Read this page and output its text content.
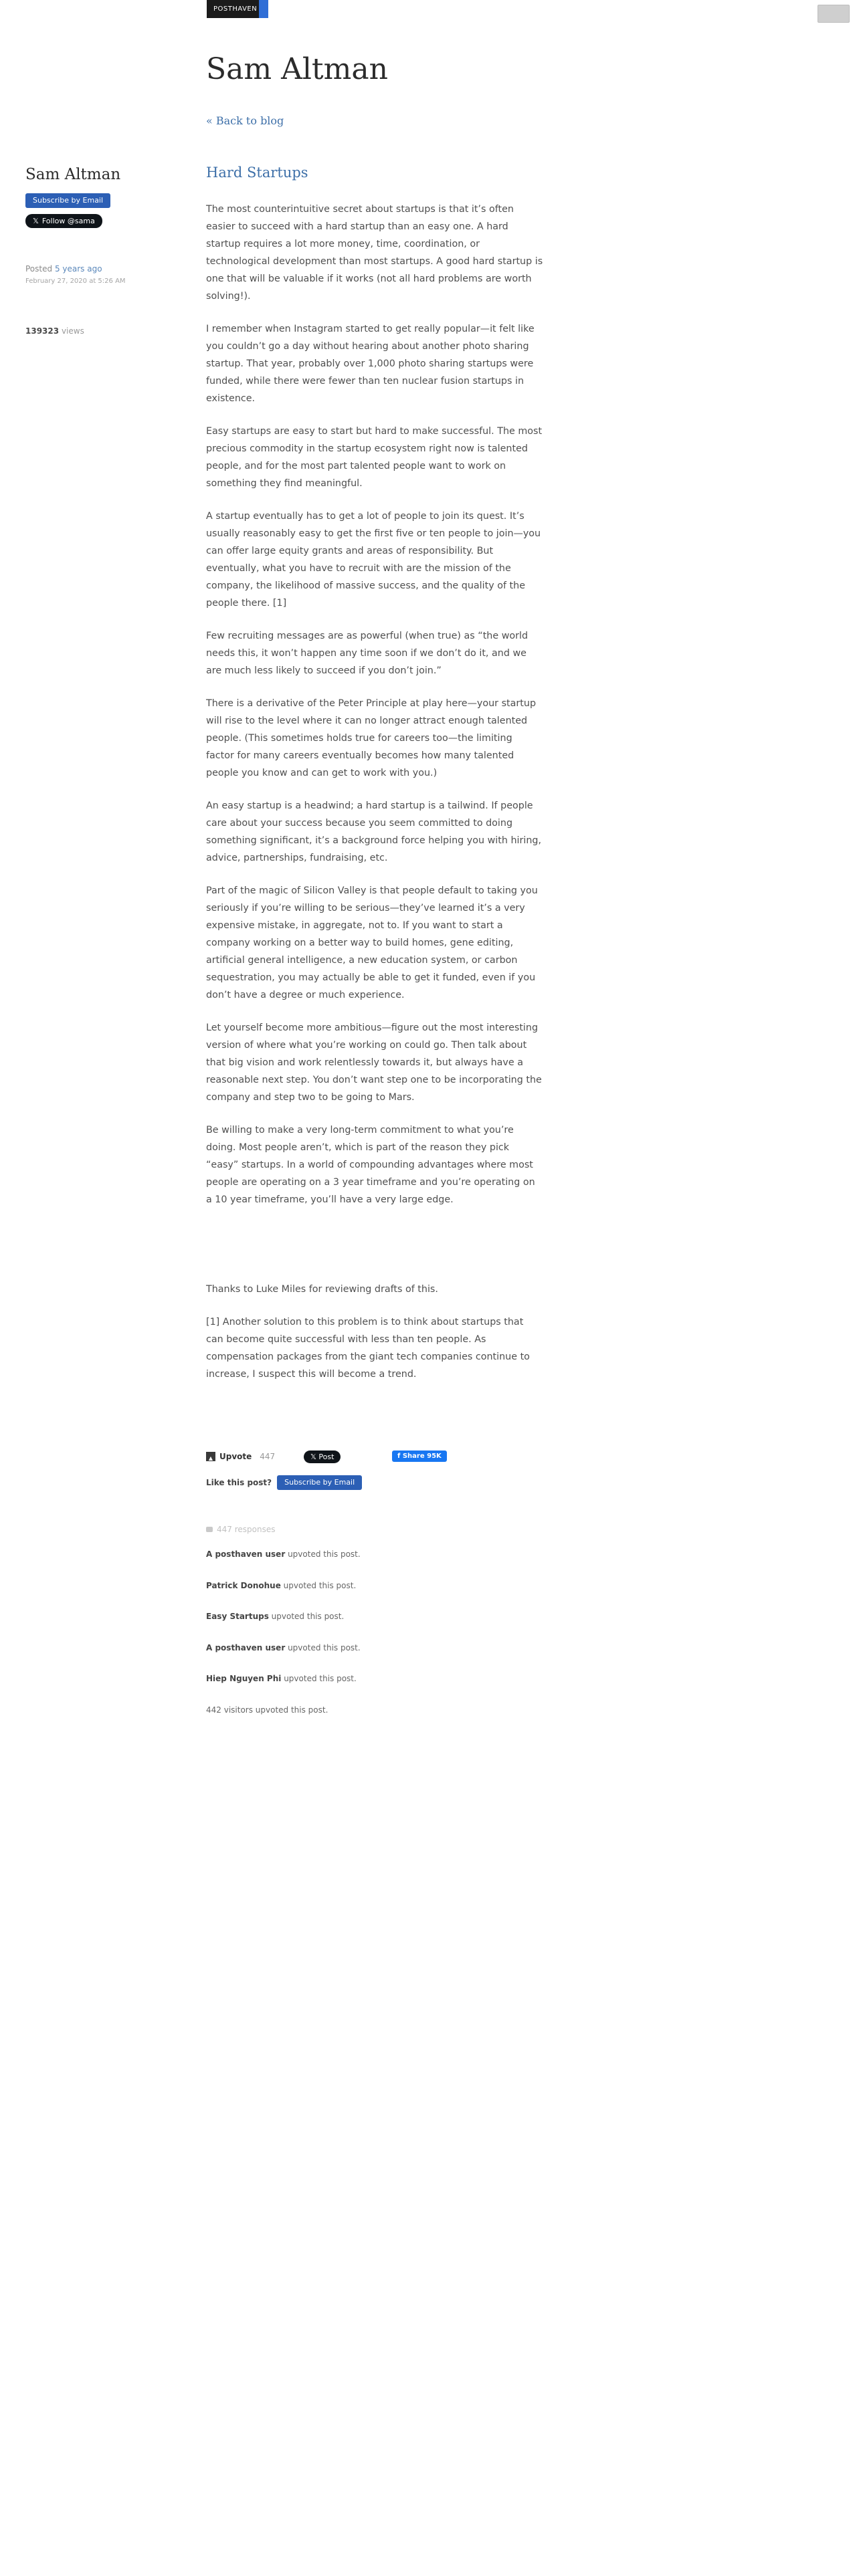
POSTHAVEN
Sam Altman
« Back to blog
Sam Altman
Subscribe by Email
𝕏 Follow @sama
Posted 5 years ago
February 27, 2020 at 5:26 AM
139323 views
Hard Startups

The most counterintuitive secret about startups is that it’s often easier to succeed with a hard startup than an easy one. A hard startup requires a lot more money, time, coordination, or technological development than most startups. A good hard startup is one that will be valuable if it works (not all hard problems are worth solving!).

I remember when Instagram started to get really popular—it felt like you couldn’t go a day without hearing about another photo sharing startup. That year, probably over 1,000 photo sharing startups were funded, while there were fewer than ten nuclear fusion startups in existence.

Easy startups are easy to start but hard to make successful. The most precious commodity in the startup ecosystem right now is talented people, and for the most part talented people want to work on something they find meaningful.

A startup eventually has to get a lot of people to join its quest. It’s usually reasonably easy to get the first five or ten people to join—you can offer large equity grants and areas of responsibility. But eventually, what you have to recruit with are the mission of the company, the likelihood of massive success, and the quality of the people there. [1]

Few recruiting messages are as powerful (when true) as “the world needs this, it won’t happen any time soon if we don’t do it, and we are much less likely to succeed if you don’t join.”

There is a derivative of the Peter Principle at play here—your startup will rise to the level where it can no longer attract enough talented people. (This sometimes holds true for careers too—the limiting factor for many careers eventually becomes how many talented people you know and can get to work with you.)

An easy startup is a headwind; a hard startup is a tailwind. If people care about your success because you seem committed to doing something significant, it’s a background force helping you with hiring, advice, partnerships, fundraising, etc.

Part of the magic of Silicon Valley is that people default to taking you seriously if you’re willing to be serious—they’ve learned it’s a very expensive mistake, in aggregate, not to. If you want to start a company working on a better way to build homes, gene editing, artificial general intelligence, a new education system, or carbon sequestration, you may actually be able to get it funded, even if you don’t have a degree or much experience.

Let yourself become more ambitious—figure out the most interesting version of where what you’re working on could go. Then talk about that big vision and work relentlessly towards it, but always have a reasonable next step. You don’t want step one to be incorporating the company and step two to be going to Mars.

Be willing to make a very long-term commitment to what you’re doing. Most people aren’t, which is part of the reason they pick “easy” startups. In a world of compounding advantages where most people are operating on a 3 year timeframe and you’re operating on a 10 year timeframe, you’ll have a very large edge.

Thanks to Luke Miles for reviewing drafts of this.

[1] Another solution to this problem is to think about startups that can become quite successful with less than ten people. As compensation packages from the giant tech companies continue to increase, I suspect this will become a trend.

▲ Upvote 447	𝕏 Post	f Share 95K
Like this post?	Subscribe by Email
447 responses
A posthaven user upvoted this post.
Patrick Donohue upvoted this post.
Easy Startups upvoted this post.
A posthaven user upvoted this post.
Hiep Nguyen Phi upvoted this post.
442 visitors upvoted this post.
